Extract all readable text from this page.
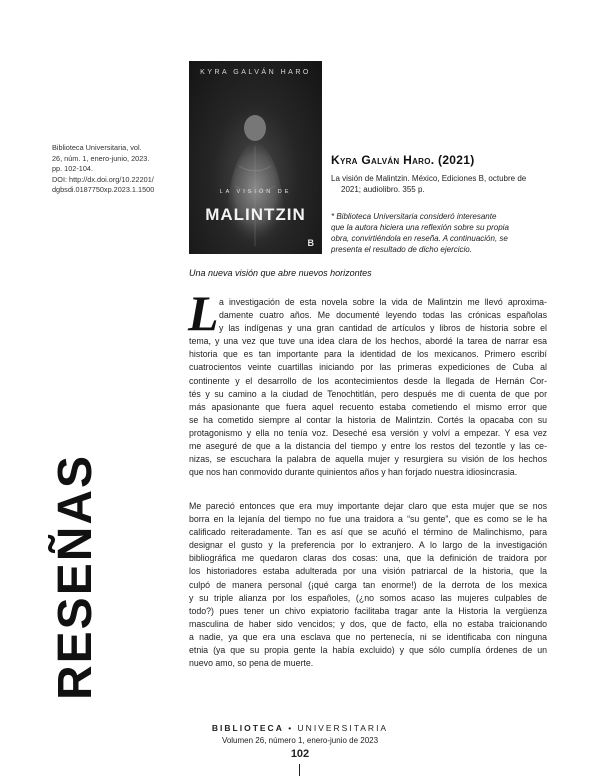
Biblioteca Universitaria, vol.
26, núm. 1, enero-junio, 2023.
pp. 102-104.
DOI: http://dx.doi.org/10.22201/
dgbsdi.0187750xp.2023.1.1500
KYRA GALVÁN HARO
LA VISIÓN DE
MALINTZIN
B
Kyra Galván Haro. (2021)
La visión de Malintzin. México, Ediciones B, octubre de
2021; audiolibro. 355 p.
* Biblioteca Universitaria consideró interesante
que la autora hiciera una reflexión sobre su propia
obra, convirtiéndola en reseña. A continuación, se
presenta el resultado de dicho ejercicio.
Una nueva visión que abre nuevos horizontes
L a investigación de esta novela sobre la vida de Malintzin me llevó aproxima-
damente cuatro años. Me documenté leyendo todas las crónicas españolas
y las indígenas y una gran cantidad de artículos y libros de historia sobre el
tema, y una vez que tuve una idea clara de los hechos, abordé la tarea de narrar esa
historia que es tan importante para la identidad de los mexicanos. Primero escribí
cuatrocientos veinte cuartillas iniciando por las primeras expediciones de Cuba al
continente y el desarrollo de los acontecimientos desde la llegada de Hernán Cor-
tés y su camino a la ciudad de Tenochtitlán, pero después me di cuenta de que por
más apasionante que fuera aquel recuento estaba cometiendo el mismo error que
se ha cometido siempre al contar la historia de Malintzin. Cortés la opacaba con su
protagonismo y ella no tenía voz. Deseché esa versión y volví a empezar. Y esa vez
me aseguré de que a la distancia del tiempo y entre los restos del tezontle y las ce-
nizas, se escuchara la palabra de aquella mujer y resurgiera su visión de los hechos
que nos han conmovido durante quinientos años y han forjado nuestra idiosincrasia.
Me pareció entonces que era muy importante dejar claro que esta mujer que se nos
borra en la lejanía del tiempo no fue una traidora a “su gente”, que es como se le ha
calificado reiteradamente. Tan es así que se acuñó el término de Malinchismo, para
designar el gusto y la preferencia por lo extranjero. A lo largo de la investigación
bibliográfica me quedaron claras dos cosas: una, que la definición de traidora por
los historiadores estaba adulterada por una visión patriarcal de la historia, que la
culpó de manera personal (¡qué carga tan enorme!) de la derrota de los mexica
y su triple alianza por los españoles, (¿no somos acaso las mujeres culpables de
todo?) pues tener un chivo expiatorio facilitaba tragar ante la Historia la vergüenza
masculina de haber sido vencidos; y dos, que de facto, ella no estaba traicionando
a nadie, ya que era una esclava que no pertenecía, ni se identificaba con ninguna
etnia (ya que su propia gente la había excluido) y que sólo cumplía órdenes de un
nuevo amo, so pena de muerte.
RESEÑAS
BIBLIOTECA • UNIVERSITARIA
Volumen 26, número 1, enero-junio de 2023
102
